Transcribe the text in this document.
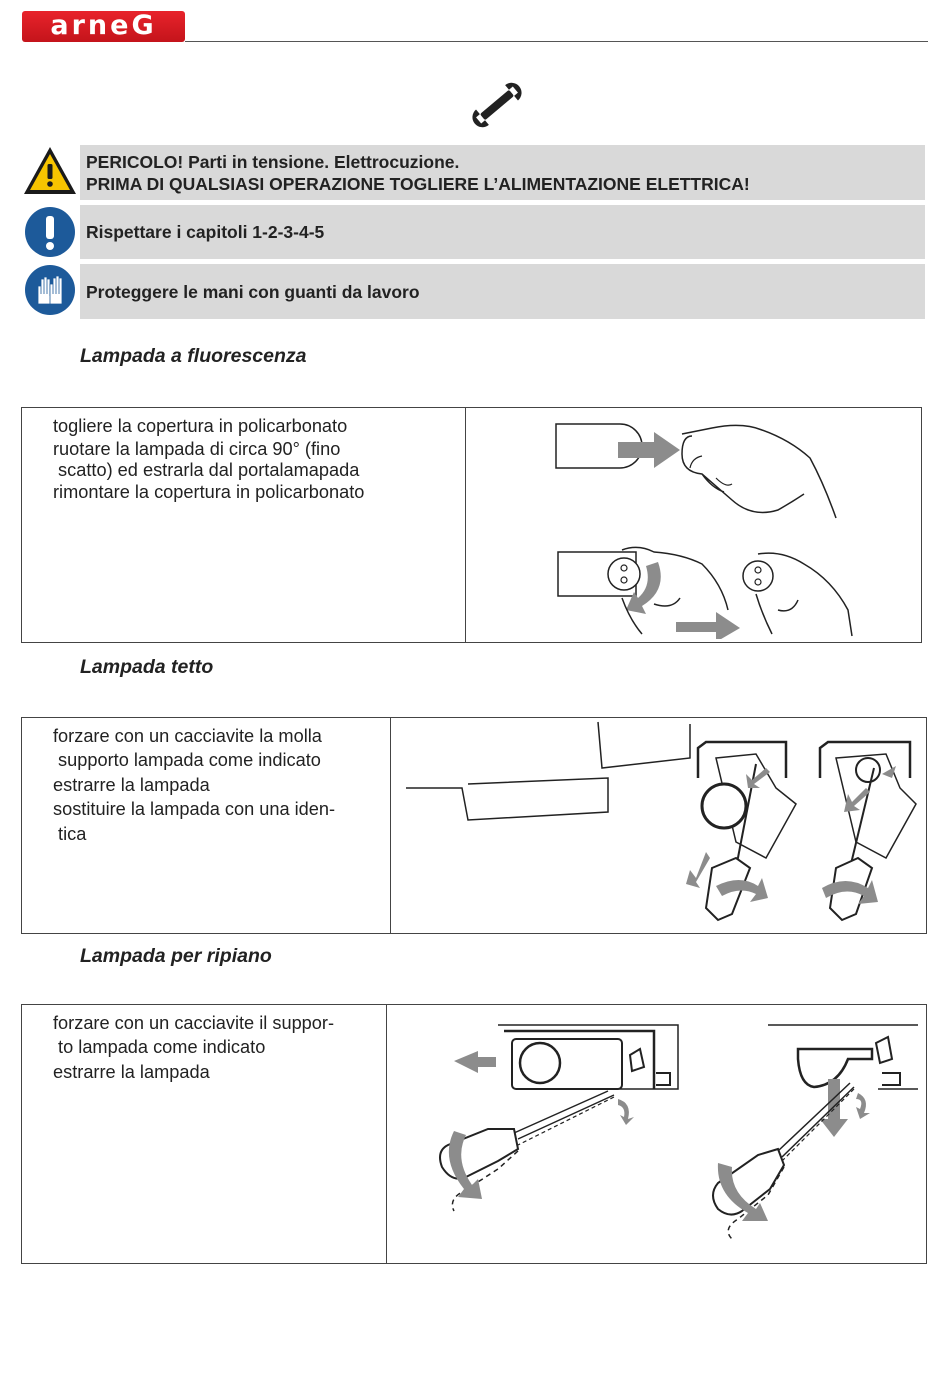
arneG

PERICOLO! Parti in tensione. Elettrocuzione.

PRIMA DI QUALSIASI OPERAZIONE TOGLIERE L’ALIMENTAZIONE ELETTRICA!

Rispettare i capitoli 1-2-3-4-5

Proteggere le mani con guanti da lavoro

Lampada a fluorescenza
togliere la copertura in policarbonato
ruotare la lampada di circa 90° (fino
scatto) ed estrarla dal portalamapada
rimontare la copertura in policarbonato
Lampada tetto
forzare con un cacciavite la molla
supporto lampada come indicato
estrarre la lampada
sostituire la lampada con una iden-
tica
Lampada per ripiano
forzare con un cacciavite il suppor-
to lampada come indicato
estrarre la lampada
